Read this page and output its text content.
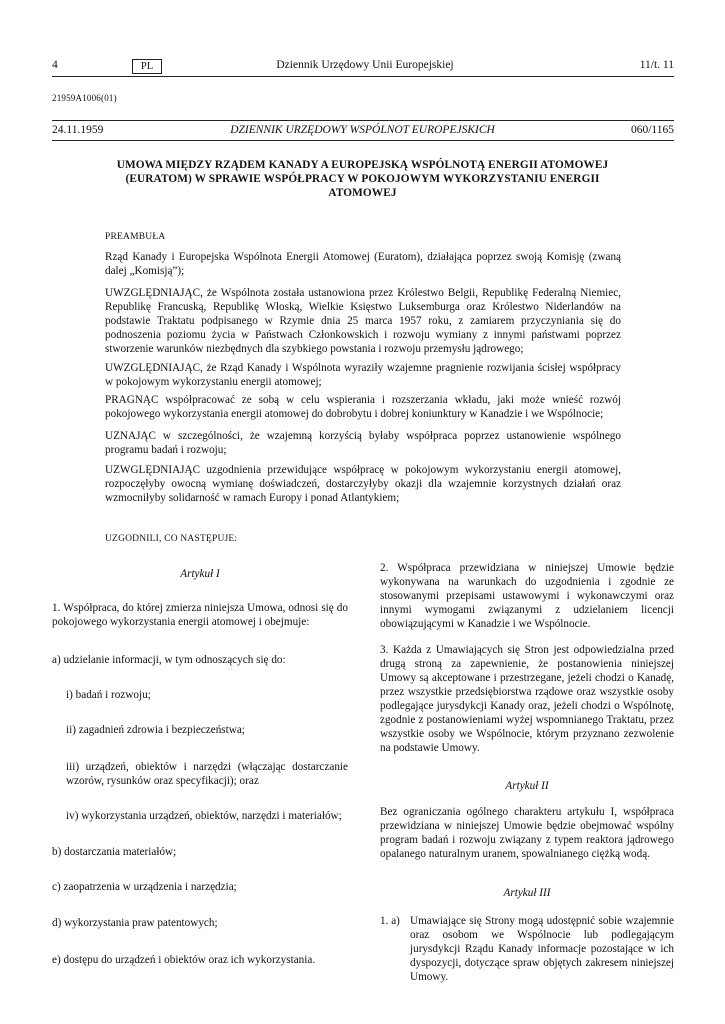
4	PL	Dziennik Urzędowy Unii Europejskiej	11/t. 11
21959A1006(01)
24.11.1959	DZIENNIK URZĘDOWY WSPÓLNOT EUROPEJSKICH	060/1165
UMOWA MIĘDZY RZĄDEM KANADY A EUROPEJSKĄ WSPÓLNOTĄ ENERGII ATOMOWEJ (EURATOM) W SPRAWIE WSPÓŁPRACY W POKOJOWYM WYKORZYSTANIU ENERGII ATOMOWEJ
PREAMBUŁA
Rząd Kanady i Europejska Wspólnota Energii Atomowej (Euratom), działająca poprzez swoją Komisję (zwaną dalej „Komisją”);
UWZGLĘDNIAJĄC, że Wspólnota została ustanowiona przez Królestwo Belgii, Republikę Federalną Niemiec, Republikę Francuską, Republikę Włoską, Wielkie Księstwo Luksemburga oraz Królestwo Niderlandów na podstawie Traktatu podpisanego w Rzymie dnia 25 marca 1957 roku, z zamiarem przyczyniania się do podnoszenia poziomu życia w Państwach Członkowskich i rozwoju wymiany z innymi państwami poprzez stworzenie warunków niezbędnych dla szybkiego powstania i rozwoju przemysłu jądrowego;
UWZGLĘDNIAJĄC, że Rząd Kanady i Wspólnota wyraziły wzajemne pragnienie rozwijania ścisłej współpracy w pokojowym wykorzystaniu energii atomowej;
PRAGNĄC współpracować ze sobą w celu wspierania i rozszerzania wkładu, jaki może wnieść rozwój pokojowego wykorzystania energii atomowej do dobrobytu i dobrej koniunktury w Kanadzie i we Wspólnocie;
UZNAJĄC w szczególności, że wzajemną korzyścią byłaby współpraca poprzez ustanowienie wspólnego programu badań i rozwoju;
UZWGLĘDNIAJĄC uzgodnienia przewidujące współpracę w pokojowym wykorzystaniu energii atomowej, rozpoczęłyby owocną wymianę doświadczeń, dostarczyłyby okazji dla wzajemnie korzystnych działań oraz wzmocniłyby solidarność w ramach Europy i ponad Atlantykiem;
UZGODNILI, CO NASTĘPUJE:
Artykuł I
1. Współpraca, do której zmierza niniejsza Umowa, odnosi się do pokojowego wykorzystania energii atomowej i obejmuje:
a) udzielanie informacji, w tym odnoszących się do:
i) badań i rozwoju;
ii) zagadnień zdrowia i bezpieczeństwa;
iii) urządzeń, obiektów i narzędzi (włączając dostarczanie wzorów, rysunków oraz specyfikacji); oraz
iv) wykorzystania urządzeń, obiektów, narzędzi i materiałów;
b) dostarczania materiałów;
c) zaopatrzenia w urządzenia i narzędzia;
d) wykorzystania praw patentowych;
e) dostępu do urządzeń i obiektów oraz ich wykorzystania.
2. Współpraca przewidziana w niniejszej Umowie będzie wykonywana na warunkach do uzgodnienia i zgodnie ze stosowanymi przepisami ustawowymi i wykonawczymi oraz innymi wymogami związanymi z udzielaniem licencji obowiązującymi w Kanadzie i we Wspólnocie.
3. Każda z Umawiających się Stron jest odpowiedzialna przed drugą stroną za zapewnienie, że postanowienia niniejszej Umowy są akceptowane i przestrzegane, jeżeli chodzi o Kanadę, przez wszystkie przedsiębiorstwa rządowe oraz wszystkie osoby podlegające jurysdykcji Kanady oraz, jeżeli chodzi o Wspólnotę, zgodnie z postanowieniami wyżej wspomnianego Traktatu, przez wszystkie osoby we Wspólnocie, którym przyznano zezwolenie na podstawie Umowy.
Artykuł II
Bez ograniczania ogólnego charakteru artykułu I, współpraca przewidziana w niniejszej Umowie będzie obejmować wspólny program badań i rozwoju związany z typem reaktora jądrowego opalanego naturalnym uranem, spowalnianego ciężką wodą.
Artykuł III
1. a) Umawiające się Strony mogą udostępnić sobie wzajemnie oraz osobom we Wspólnocie lub podlegającym jurysdykcji Rządu Kanady informacje pozostające w ich dyspozycji, dotyczące spraw objętych zakresem niniejszej Umowy.
